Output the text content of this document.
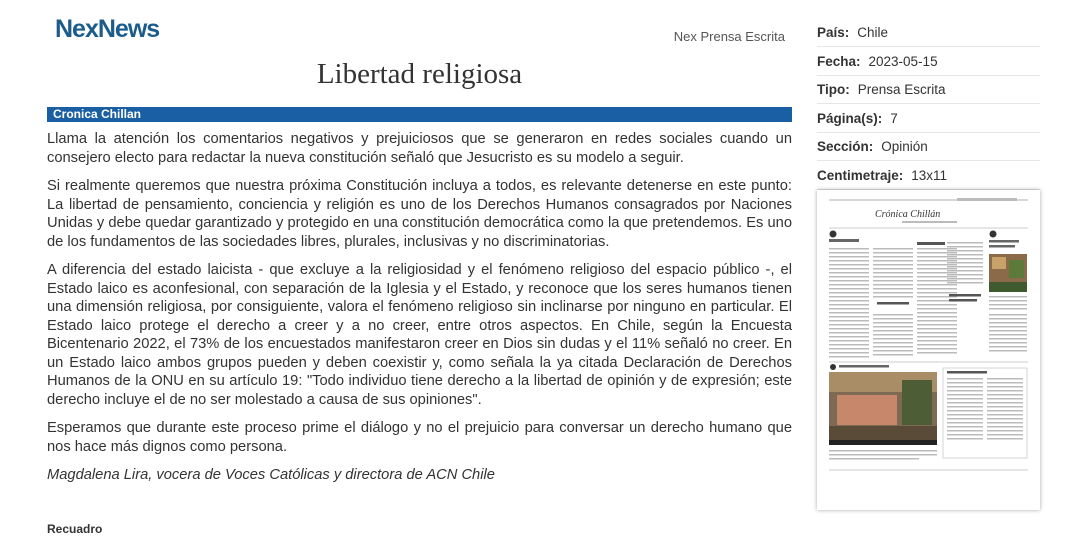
NexNews	Nex Prensa Escrita
Libertad religiosa
Cronica Chillan

Llama la atención los comentarios negativos y prejuiciosos que se generaron en redes sociales cuando un consejero electo para redactar la nueva constitución señaló que Jesucristo es su modelo a seguir.

Si realmente queremos que nuestra próxima Constitución incluya a todos, es relevante detenerse en este punto: La libertad de pensamiento, conciencia y religión es uno de los Derechos Humanos consagrados por Naciones Unidas y debe quedar garantizado y protegido en una constitución democrática como la que pretendemos. Es uno de los fundamentos de las sociedades libres, plurales, inclusivas y no discriminatorias.

A diferencia del estado laicista - que excluye a la religiosidad y el fenómeno religioso del espacio público -, el Estado laico es aconfesional, con separación de la Iglesia y el Estado, y reconoce que los seres humanos tienen una dimensión religiosa, por consiguiente, valora el fenómeno religioso sin inclinarse por ninguno en particular. El Estado laico protege el derecho a creer y a no creer, entre otros aspectos. En Chile, según la Encuesta Bicentenario 2022, el 73% de los encuestados manifestaron creer en Dios sin dudas y el 11% señaló no creer. En un Estado laico ambos grupos pueden y deben coexistir y, como señala la ya citada Declaración de Derechos Humanos de la ONU en su artículo 19: "Todo individuo tiene derecho a la libertad de opinión y de expresión; este derecho incluye el de no ser molestado a causa de sus opiniones".

Esperamos que durante este proceso prime el diálogo y no el prejuicio para conversar un derecho humano que nos hace más dignos como persona.

Magdalena Lira, vocera de Voces Católicas y directora de ACN Chile

Recuadro
País: Chile
Fecha: 2023-05-15
Tipo: Prensa Escrita
Página(s): 7
Sección: Opinión
Centimetraje: 13x11
Crónica Chillán
